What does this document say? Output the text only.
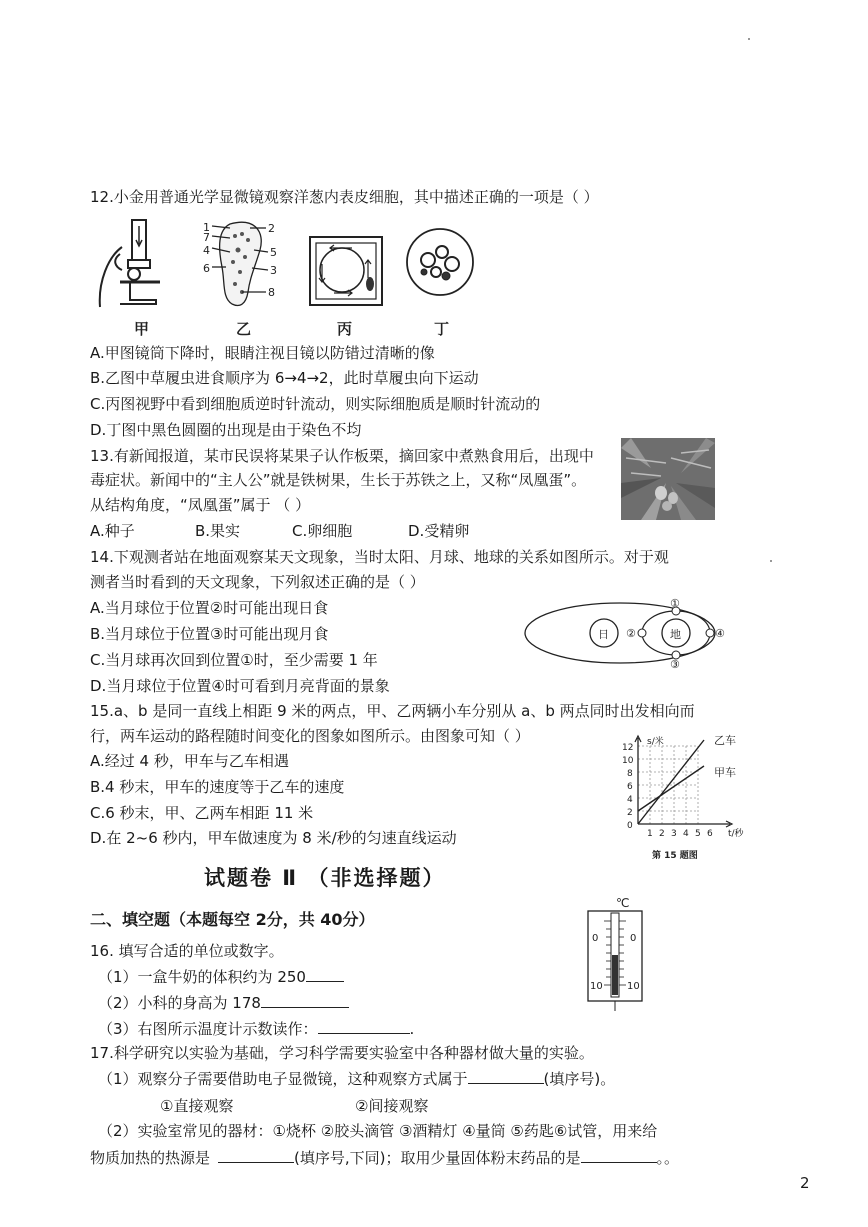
12.小金用普通光学显微镜观察洋葱内表皮细胞，其中描述正确的一项是（ ）
1
7
4
6
2
5
3
8
甲	乙	丙	丁
A.甲图镜筒下降时，眼睛注视目镜以防错过清晰的像
B.乙图中草履虫进食顺序为 6→4→2，此时草履虫向下运动
C.丙图视野中看到细胞质逆时针流动，则实际细胞质是顺时针流动的
D.丁图中黑色圆圈的出现是由于染色不均
13.有新闻报道，某市民误将某果子认作板栗，摘回家中煮熟食用后，出现中
毒症状。新闻中的“主人公”就是铁树果，生长于苏铁之上，又称“凤凰蛋”。
从结构角度，“凤凰蛋”属于 （ ）
A.种子	B.果实	C.卵细胞	D.受精卵
14.下观测者站在地面观察某天文现象，当时太阳、月球、地球的关系如图所示。对于观
测者当时看到的天文现象，下列叙述正确的是（ ）
A.当月球位于位置②时可能出现日食
B.当月球位于位置③时可能出现月食
C.当月球再次回到位置①时，至少需要 1 年
D.当月球位于位置④时可看到月亮背面的景象
日	地
①
②
③
④
15.a、b 是同一直线上相距 9 米的两点，甲、乙两辆小车分别从 a、b 两点同时出发相向而
行，两车运动的路程随时间变化的图象如图所示。由图象可知（ ）
A.经过 4 秒，甲车与乙车相遇
B.4 秒末，甲车的速度等于乙车的速度
C.6 秒末，甲、乙两车相距 11 米
D.在 2~6 秒内，甲车做速度为 8 米/秒的匀速直线运动
s/米
t/秒
0
2
4
6
8
10
12
1 2 3 4 5 6
乙车
甲车
第 15 题图
试题卷 Ⅱ （非选择题）
二、填空题（本题每空 2分，共 40分）
16. 填写合适的单位或数字。
（1）一盒牛奶的体积约为 250
（2）小科的身高为 178
（3）右图所示温度计示数读作：	.
℃
0	0
10 10
17.科学研究以实验为基础，学习科学需要实验室中各种器材做大量的实验。
（1）观察分子需要借助电子显微镜，这种观察方式属于	(填序号)。
①直接观察	②间接观察
（2）实验室常见的器材：①烧杯 ②胶头滴管 ③酒精灯 ④量筒 ⑤药匙⑥试管，用来给
物质加热的热源是	(填序号,下同)；取用少量固体粉末药品的是	。。
2
